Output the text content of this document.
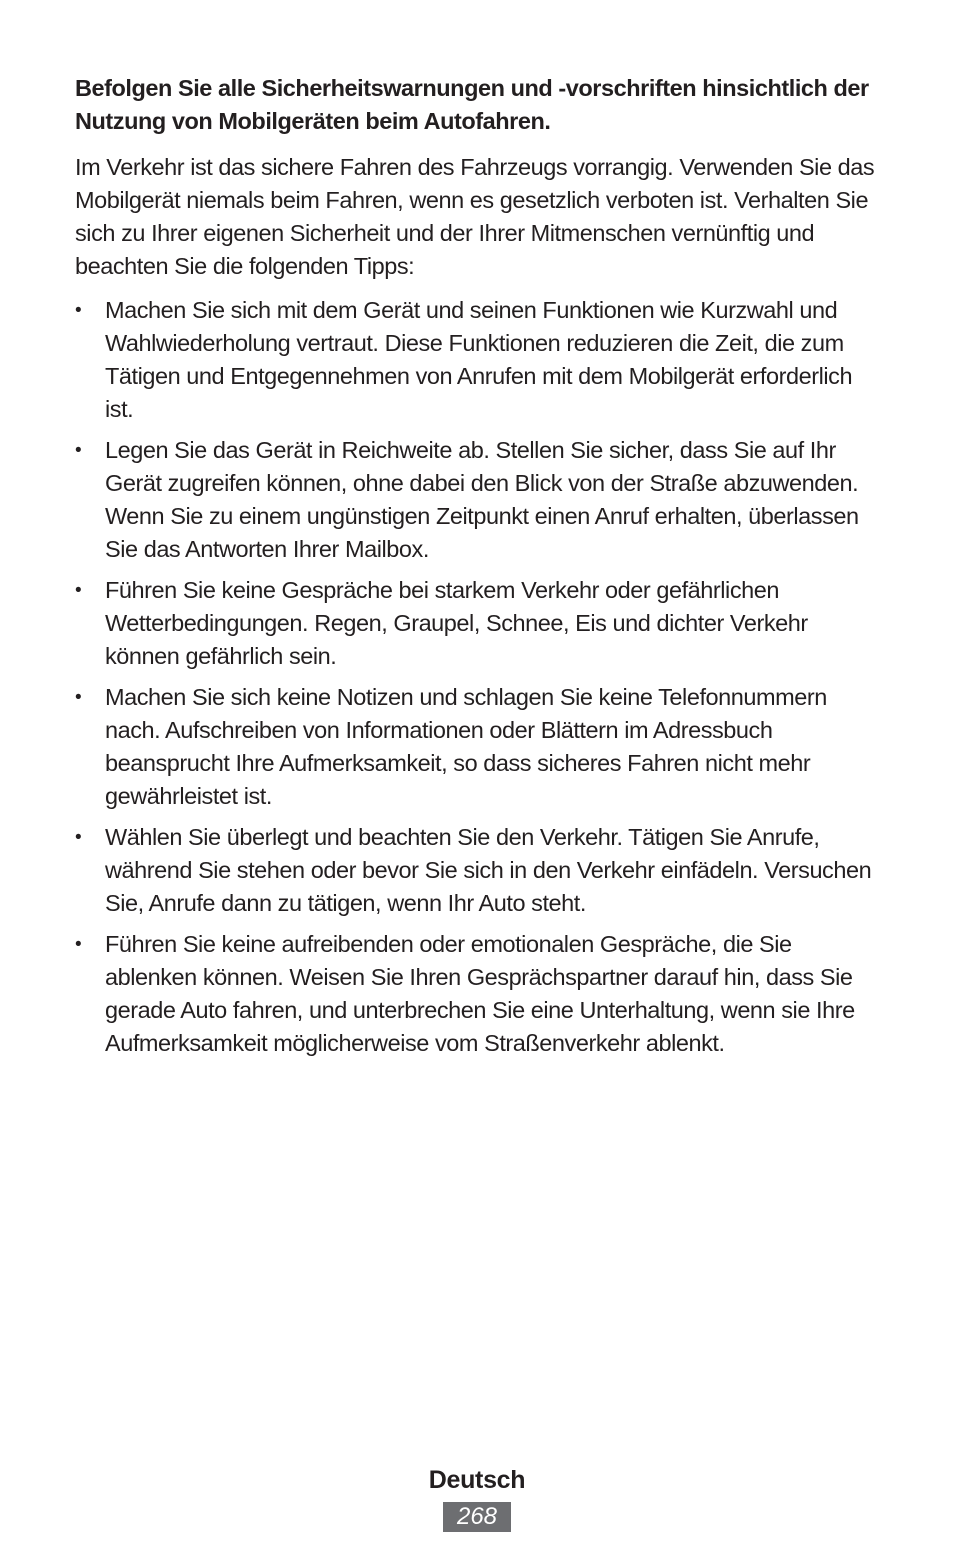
Befolgen Sie alle Sicherheitswarnungen und -vorschriften hinsichtlich der Nutzung von Mobilgeräten beim Autofahren.

Im Verkehr ist das sichere Fahren des Fahrzeugs vorrangig. Verwenden Sie das Mobilgerät niemals beim Fahren, wenn es gesetzlich verboten ist. Verhalten Sie sich zu Ihrer eigenen Sicherheit und der Ihrer Mitmenschen vernünftig und beachten Sie die folgenden Tipps:

• Machen Sie sich mit dem Gerät und seinen Funktionen wie Kurzwahl und Wahlwiederholung vertraut. Diese Funktionen reduzieren die Zeit, die zum Tätigen und Entgegennehmen von Anrufen mit dem Mobilgerät erforderlich ist.
• Legen Sie das Gerät in Reichweite ab. Stellen Sie sicher, dass Sie auf Ihr Gerät zugreifen können, ohne dabei den Blick von der Straße abzuwenden. Wenn Sie zu einem ungünstigen Zeitpunkt einen Anruf erhalten, überlassen Sie das Antworten Ihrer Mailbox.
• Führen Sie keine Gespräche bei starkem Verkehr oder gefährlichen Wetterbedingungen. Regen, Graupel, Schnee, Eis und dichter Verkehr können gefährlich sein.
• Machen Sie sich keine Notizen und schlagen Sie keine Telefonnummern nach. Aufschreiben von Informationen oder Blättern im Adressbuch beansprucht Ihre Aufmerksamkeit, so dass sicheres Fahren nicht mehr gewährleistet ist.
• Wählen Sie überlegt und beachten Sie den Verkehr. Tätigen Sie Anrufe, während Sie stehen oder bevor Sie sich in den Verkehr einfädeln. Versuchen Sie, Anrufe dann zu tätigen, wenn Ihr Auto steht.
• Führen Sie keine aufreibenden oder emotionalen Gespräche, die Sie ablenken können. Weisen Sie Ihren Gesprächspartner darauf hin, dass Sie gerade Auto fahren, und unterbrechen Sie eine Unterhaltung, wenn sie Ihre Aufmerksamkeit möglicherweise vom Straßenverkehr ablenkt.
Deutsch
268
